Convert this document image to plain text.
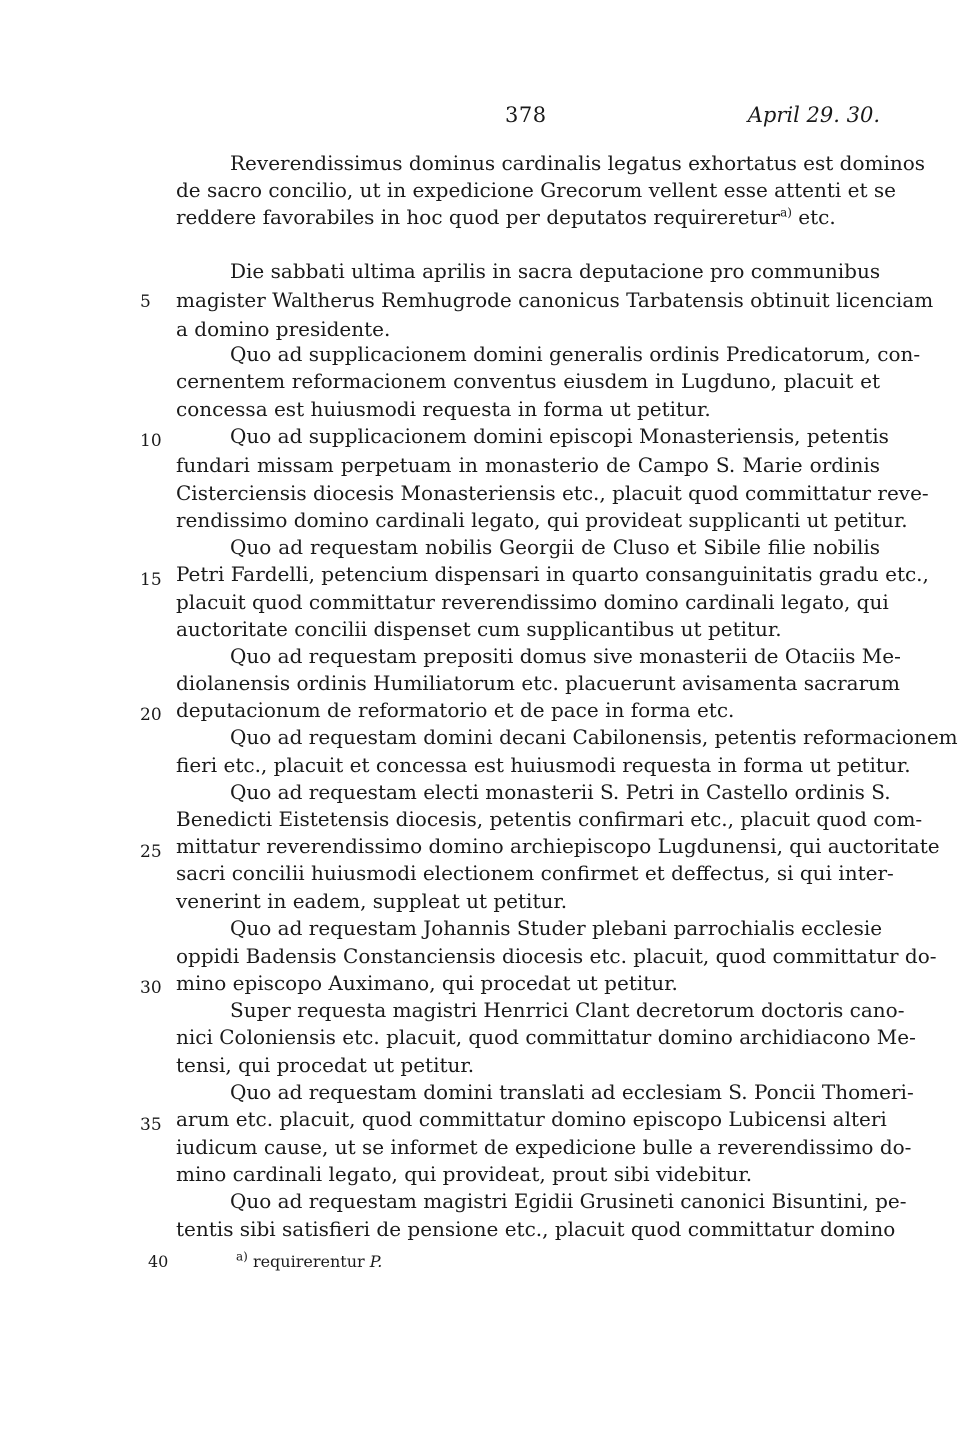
378	April 29. 30.
Reverendissimus dominus cardinalis legatus exhortatus est dominos
de sacro concilio, ut in expedicione Grecorum vellent esse attenti et se
reddere favorabiles in hoc quod per deputatos requireretur$^{a)}$ etc.
Die sabbati ultima aprilis in sacra deputacione pro communibus
5	magister Waltherus Remhugrode canonicus Tarbatensis obtinuit licenciam
a domino presidente.
Quo ad supplicacionem domini generalis ordinis Predicatorum, con-
cernentem reformacionem conventus eiusdem in Lugduno, placuit et
concessa est huiusmodi requesta in forma ut petitur.
10	Quo ad supplicacionem domini episcopi Monasteriensis, petentis
fundari missam perpetuam in monasterio de Campo S. Marie ordinis
Cisterciensis diocesis Monasteriensis etc., placuit quod committatur reve-
rendissimo domino cardinali legato, qui provideat supplicanti ut petitur.
Quo ad requestam nobilis Georgii de Cluso et Sibile filie nobilis
15 Petri Fardelli, petencium dispensari in quarto consanguinitatis gradu etc.,
placuit quod committatur reverendissimo domino cardinali legato, qui
auctoritate concilii dispenset cum supplicantibus ut petitur.
Quo ad requestam prepositi domus sive monasterii de Otaciis Me-
diolanensis ordinis Humiliatorum etc. placuerunt avisamenta sacrarum
20 deputacionum de reformatorio et de pace in forma etc.
Quo ad requestam domini decani Cabilonensis, petentis reformacionem
fieri etc., placuit et concessa est huiusmodi requesta in forma ut petitur.
Quo ad requestam electi monasterii S. Petri in Castello ordinis S.
Benedicti Eistetensis diocesis, petentis confirmari etc., placuit quod com-
25 mittatur reverendissimo domino archiepiscopo Lugdunensi, qui auctoritate
sacri concilii huiusmodi electionem confirmet et deffectus, si qui inter-
venerint in eadem, suppleat ut petitur.
Quo ad requestam Johannis Studer plebani parrochialis ecclesie
oppidi Badensis Constanciensis diocesis etc. placuit, quod committatur do-
30 mino episcopo Auximano, qui procedat ut petitur.
Super requesta magistri Henrrici Clant decretorum doctoris cano-
nici Coloniensis etc. placuit, quod committatur domino archidiacono Me-
tensi, qui procedat ut petitur.
Quo ad requestam domini translati ad ecclesiam S. Poncii Thomeri-
35 arum etc. placuit, quod committatur domino episcopo Lubicensi alteri
iudicum cause, ut se informet de expedicione bulle a reverendissimo do-
mino cardinali legato, qui provideat, prout sibi videbitur.
Quo ad requestam magistri Egidii Grusineti canonici Bisuntini, pe-
tentis sibi satisfieri de pensione etc., placuit quod committatur domino
40	$^{a)}$ requirerentur P.
